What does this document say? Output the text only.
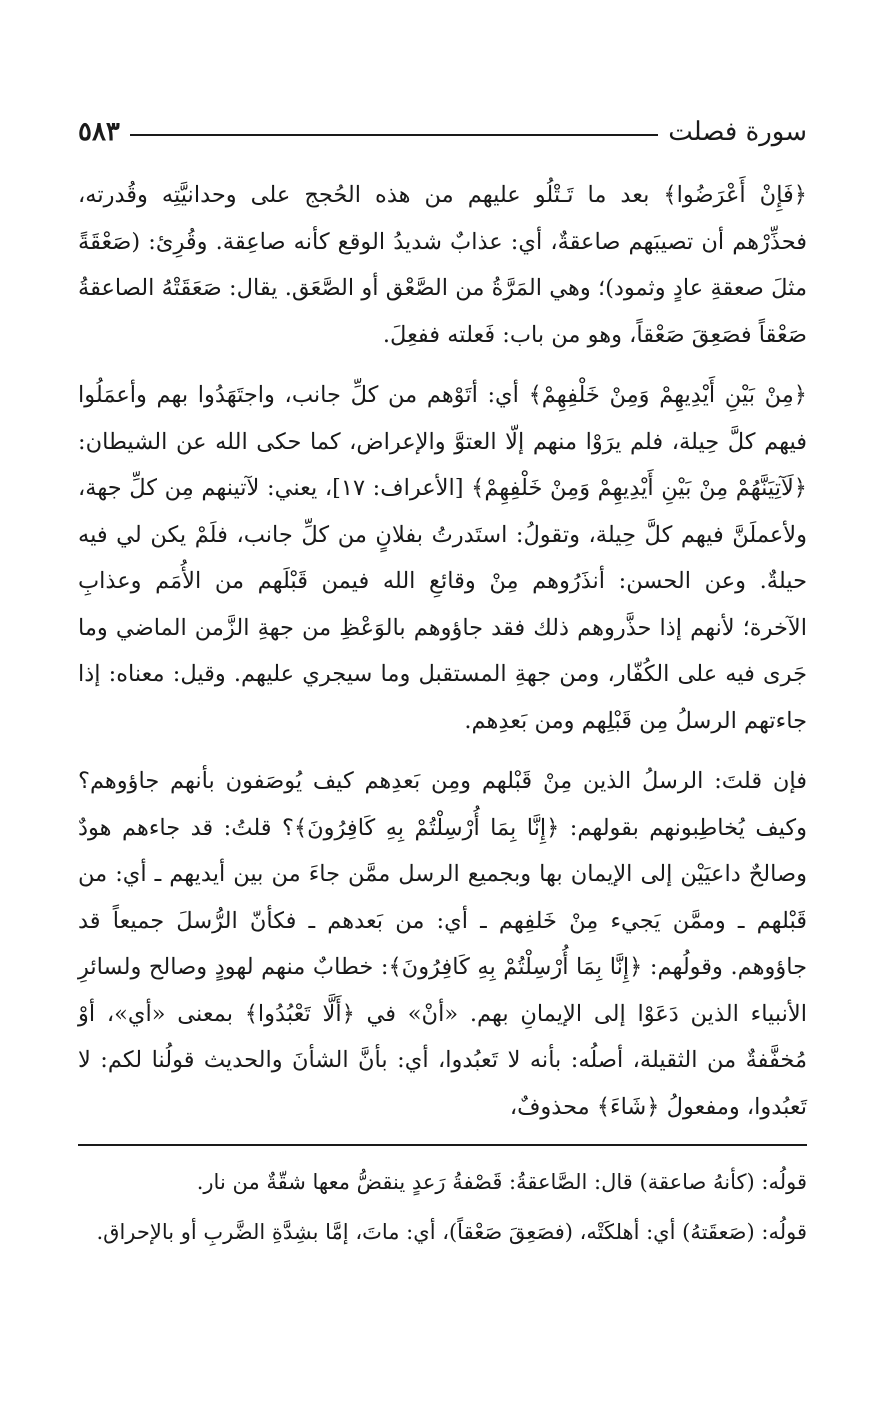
سورة فصلت
٥٨٣

﴿فَإِنْ أَعْرَضُوا﴾ بعد ما تَـتْلُو عليهم من هذه الحُجج على وحدانيَّتِه وقُدرته، فحذِّرْهم أن تصيبَهم صاعقةٌ، أي: عذابٌ شديدُ الوقع كأنه صاعِقة. وقُرِئ: (صَعْقَةً مثلَ صعقةِ عادٍ وثمود)؛ وهي المَرَّةُ من الصَّعْق أو الصَّعَق. يقال: صَعَقَتْهُ الصاعقةُ صَعْقاً فصَعِقَ صَعْقاً، وهو من باب: فَعلته ففعِلَ.

﴿مِنْ بَيْنِ أَيْدِيهِمْ وَمِنْ خَلْفِهِمْ﴾ أي: أتَوْهم من كلِّ جانب، واجتَهَدُوا بهم وأعمَلُوا فيهم كلَّ حِيلة، فلم يرَوْا منهم إلّا العتوَّ والإعراض، كما حكى الله عن الشيطان: ﴿لَآتِيَنَّهُمْ مِنْ بَيْنِ أَيْدِيهِمْ وَمِنْ خَلْفِهِمْ﴾ [الأعراف: ١٧]، يعني: لآتينهم مِن كلِّ جهة، ولأعملَنَّ فيهم كلَّ حِيلة، وتقولُ: استَدرتُ بفلانٍ من كلِّ جانب، فلَمْ يكن لي فيه حيلةٌ. وعن الحسن: أنذَرُوهم مِنْ وقائعِ الله فيمن قَبْلَهم من الأُمَم وعذابِ الآخرة؛ لأنهم إذا حذَّروهم ذلك فقد جاؤوهم بالوَعْظِ من جهةِ الزَّمن الماضي وما جَرى فيه على الكُفّار، ومن جهةِ المستقبل وما سيجري عليهم. وقيل: معناه: إذا جاءتهم الرسلُ مِن قَبْلِهم ومن بَعدِهم.

فإن قلتَ: الرسلُ الذين مِنْ قَبْلهم ومِن بَعدِهم كيف يُوصَفون بأنهم جاؤوهم؟ وكيف يُخاطِبونهم بقولهم: ﴿إِنَّا بِمَا أُرْسِلْتُمْ بِهِ كَافِرُونَ﴾؟ قلتُ: قد جاءهم هودٌ وصالحٌ داعيَيْن إلى الإيمان بها وبجميع الرسل ممَّن جاءَ من بين أيديهم ـ أي: من قَبْلهم ـ وممَّن يَجيء مِنْ خَلفِهم ـ أي: من بَعدهم ـ فكأنّ الرُّسلَ جميعاً قد جاؤوهم. وقولُهم: ﴿إِنَّا بِمَا أُرْسِلْتُمْ بِهِ كَافِرُونَ﴾: خطابٌ منهم لهودٍ وصالح ولسائرِ الأنبياء الذين دَعَوْا إلى الإيمانِ بهم. «أنْ» في ﴿أَلَّا تَعْبُدُوا﴾ بمعنى «أي»، أوْ مُخفَّفةٌ من الثقيلة، أصلُه: بأنه لا تَعبُدوا، أي: بأنَّ الشأنَ والحديث قولُنا لكم: لا تَعبُدوا، ومفعولُ ﴿شَاءَ﴾ محذوفٌ،

قولُه: (كأنهُ صاعقة) قال: الصَّاعقةُ: قَصْفةُ رَعدٍ ينقضُّ معها شقّةٌ من نار.

قولُه: (صَعقَتهُ) أي: أهلكَتْه، (فصَعِقَ صَعْقاً)، أي: ماتَ، إمَّا بشِدَّةِ الضَّربِ أو بالإحراق.
